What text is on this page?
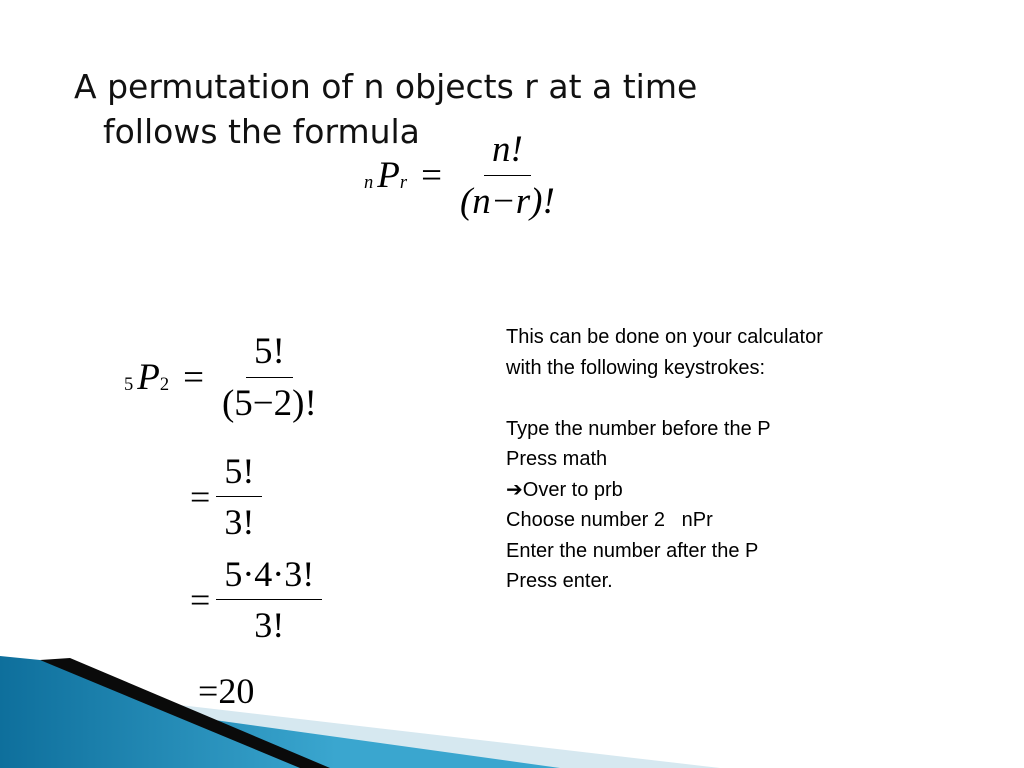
A permutation of n objects r at a time
follows the formula
n P $r = \frac{n!}{(n-r)!}$
5 P $2 = \frac{5!}{(5-2)!}$
= $\frac{5!}{3!}$
= $\frac{5\cdot 4\cdot 3!}{3!}$
=20
This can be done on your calculator
with the following keystrokes:
Type the number before the P
Press math
➔Over to prb
Choose number 2   nPr
Enter the number after the P
Press enter.
